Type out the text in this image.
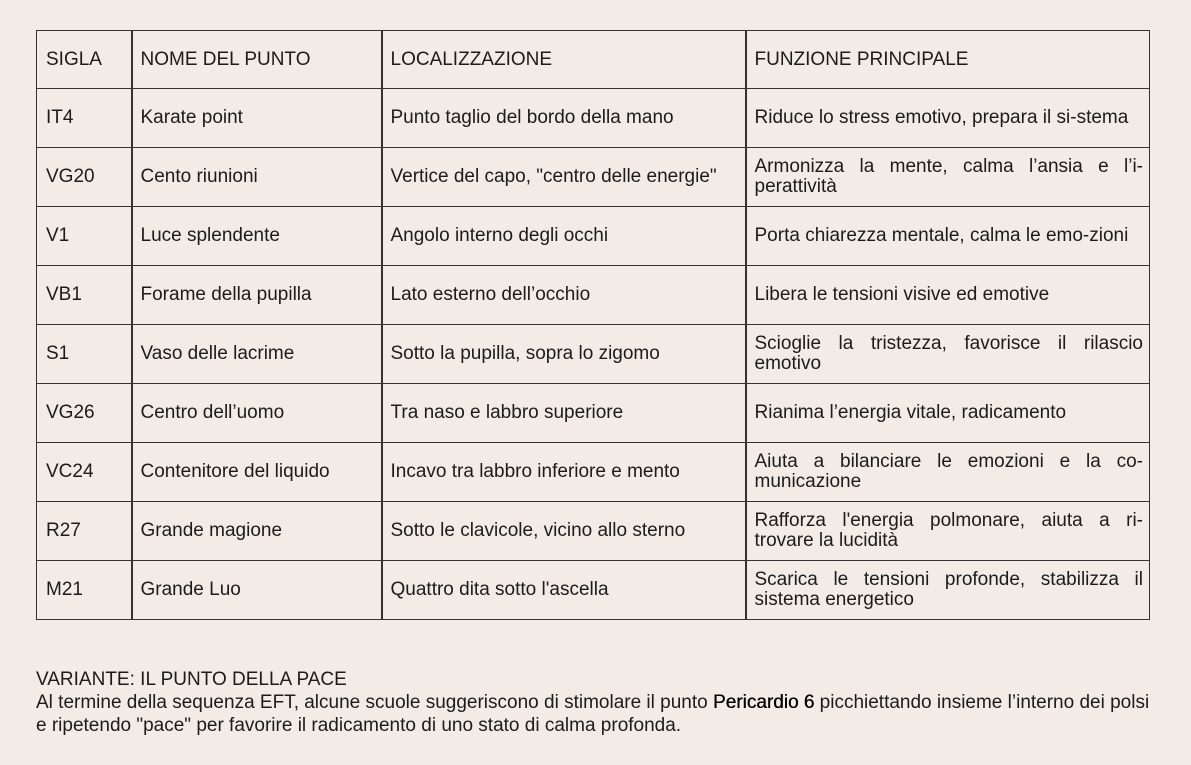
SIGLA	NOME DEL PUNTO	LOCALIZZAZIONE	FUNZIONE PRINCIPALE
IT4	Karate point	Punto taglio del bordo della mano	Riduce lo stress emotivo, prepara il si-stema
VG20	Cento riunioni	Vertice del capo, "centro delle energie"	Armonizza la mente, calma l’ansia e l’i-perattività
V1	Luce splendente	Angolo interno degli occhi	Porta chiarezza mentale, calma le emo-zioni
VB1	Forame della pupilla	Lato esterno dell’occhio	Libera le tensioni visive ed emotive
S1	Vaso delle lacrime	Sotto la pupilla, sopra lo zigomo	Scioglie la tristezza, favorisce il rilascio emotivo
VG26	Centro dell’uomo	Tra naso e labbro superiore	Rianima l’energia vitale, radicamento
VC24	Contenitore del liquido	Incavo tra labbro inferiore e mento	Aiuta a bilanciare le emozioni e la co-municazione
R27	Grande magione	Sotto le clavicole, vicino allo sterno	Rafforza l'energia polmonare, aiuta a ri-trovare la lucidità
M21	Grande Luo	Quattro dita sotto l'ascella	Scarica le tensioni profonde, stabilizza il sistema energetico
VARIANTE: IL PUNTO DELLA PACE
Al termine della sequenza EFT, alcune scuole suggeriscono di stimolare il punto Pericardio 6 picchiettando insieme l’interno dei polsi e ripetendo "pace" per favorire il radicamento di uno stato di calma profonda.
